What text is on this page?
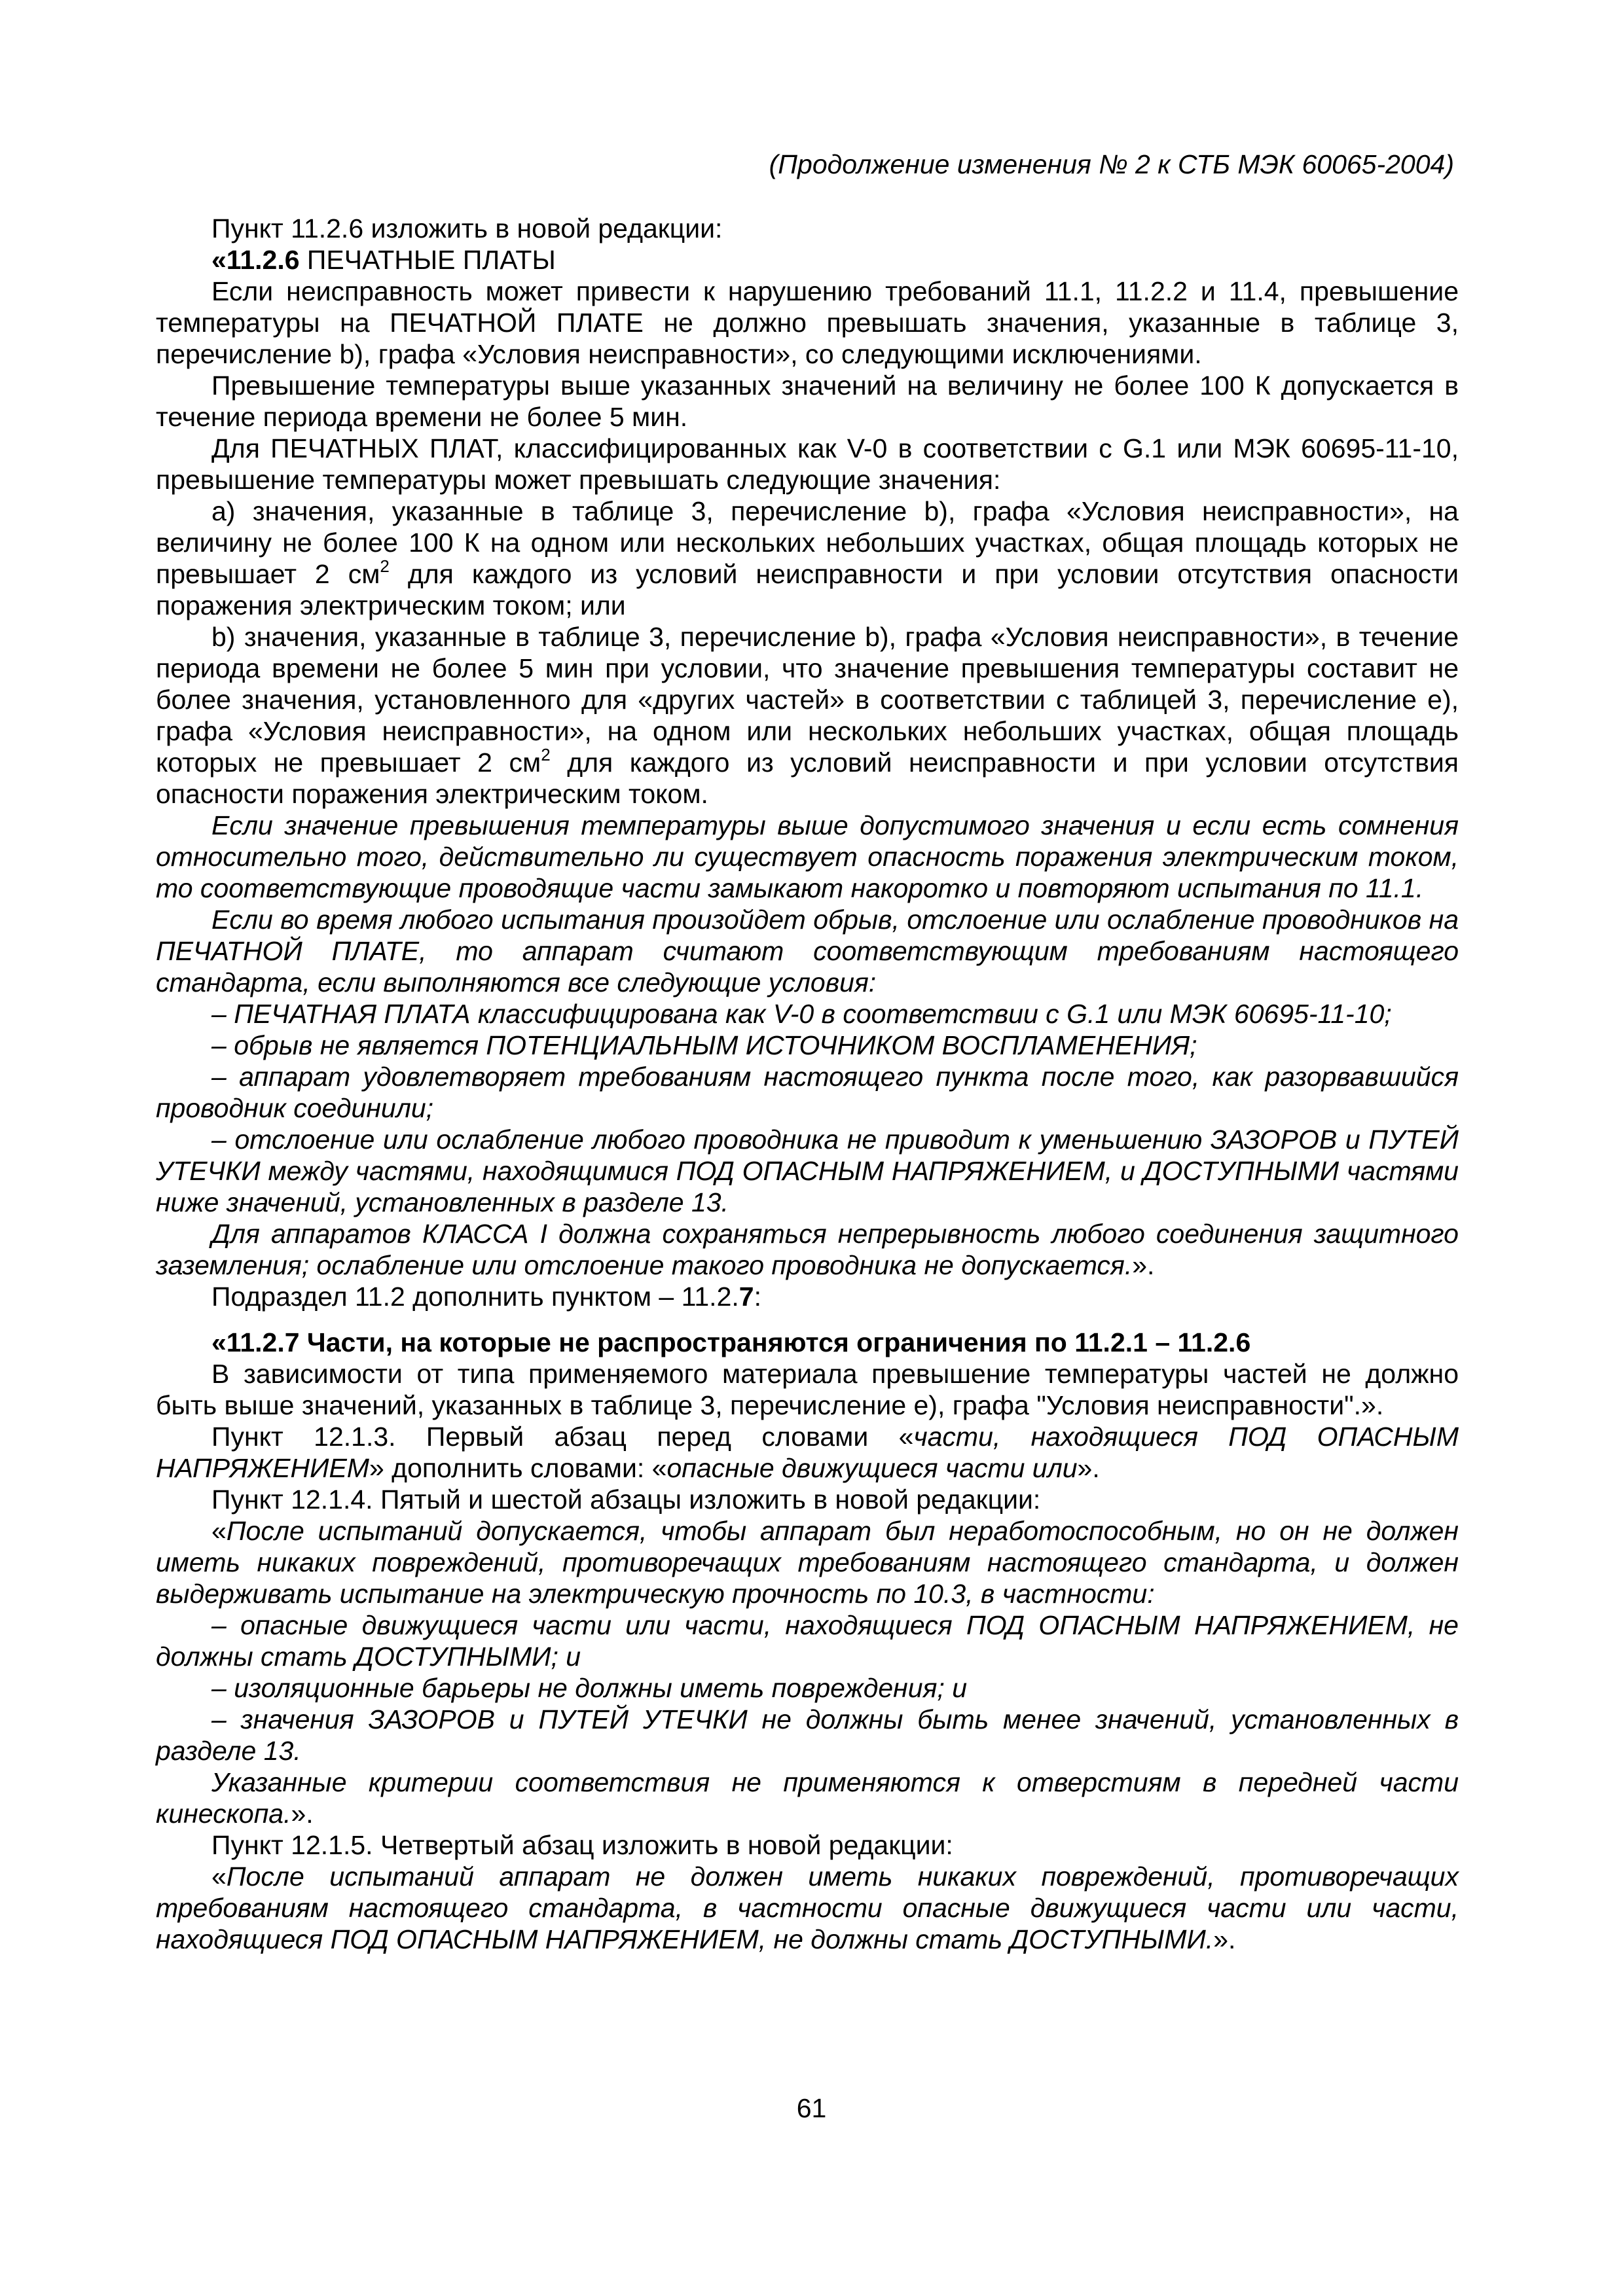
(Продолжение изменения № 2 к СТБ МЭК 60065-2004)

Пункт 11.2.6 изложить в новой редакции:

«11.2.6 ПЕЧАТНЫЕ ПЛАТЫ

Если неисправность может привести к нарушению требований 11.1, 11.2.2 и 11.4, превышение температуры на ПЕЧАТНОЙ ПЛАТЕ не должно превышать значения, указанные в таблице 3, перечисление b), графа «Условия неисправности», со следующими исключениями.

Превышение температуры выше указанных значений на величину не более 100 К допускается в течение периода времени не более 5 мин.

Для ПЕЧАТНЫХ ПЛАТ, классифицированных как V-0 в соответствии с G.1 или МЭК 60695-11-10, превышение температуры может превышать следующие значения:

a) значения, указанные в таблице 3, перечисление b), графа «Условия неисправности», на величину не более 100 К на одном или нескольких небольших участках, общая площадь которых не превышает 2 $см^2$ для каждого из условий неисправности и при условии отсутствия опасности поражения электрическим током; или

b) значения, указанные в таблице 3, перечисление b), графа «Условия неисправности», в течение периода времени не более 5 мин при условии, что значение превышения температуры составит не более значения, установленного для «других частей» в соответствии с таблицей 3, перечисление e), графа «Условия неисправности», на одном или нескольких небольших участках, общая площадь которых не превышает 2 $см^2$ для каждого из условий неисправности и при условии отсутствия опасности поражения электрическим током.

Если значение превышения температуры выше допустимого значения и если есть сомнения относительно того, действительно ли существует опасность поражения электрическим током, то соответствующие проводящие части замыкают накоротко и повторяют испытания по 11.1.

Если во время любого испытания произойдет обрыв, отслоение или ослабление проводников на ПЕЧАТНОЙ ПЛАТЕ, то аппарат считают соответствующим требованиям настоящего стандарта, если выполняются все следующие условия:

– ПЕЧАТНАЯ ПЛАТА классифицирована как V-0 в соответствии с G.1 или МЭК 60695-11-10;

– обрыв не является ПОТЕНЦИАЛЬНЫМ ИСТОЧНИКОМ ВОСПЛАМЕНЕНИЯ;

– аппарат удовлетворяет требованиям настоящего пункта после того, как разорвавшийся проводник соединили;

– отслоение или ослабление любого проводника не приводит к уменьшению ЗАЗОРОВ и ПУТЕЙ УТЕЧКИ между частями, находящимися ПОД ОПАСНЫМ НАПРЯЖЕНИЕМ, и ДОСТУПНЫМИ частями ниже значений, установленных в разделе 13.

Для аппаратов КЛАССА I должна сохраняться непрерывность любого соединения защитного заземления; ослабление или отслоение такого проводника не допускается.».

Подраздел 11.2 дополнить пунктом – 11.2.7:

«11.2.7 Части, на которые не распространяются ограничения по 11.2.1 – 11.2.6

В зависимости от типа применяемого материала превышение температуры частей не должно быть выше значений, указанных в таблице 3, перечисление e), графа "Условия неисправности".».

Пункт 12.1.3. Первый абзац перед словами «части, находящиеся ПОД ОПАСНЫМ НАПРЯЖЕНИЕМ» дополнить словами: «опасные движущиеся части или».

Пункт 12.1.4. Пятый и шестой абзацы изложить в новой редакции:

«После испытаний допускается, чтобы аппарат был неработоспособным, но он не должен иметь никаких повреждений, противоречащих требованиям настоящего стандарта, и должен выдерживать испытание на электрическую прочность по 10.3, в частности:

– опасные движущиеся части или части, находящиеся ПОД ОПАСНЫМ НАПРЯЖЕНИЕМ, не должны стать ДОСТУПНЫМИ; и

– изоляционные барьеры не должны иметь повреждения; и

– значения ЗАЗОРОВ и ПУТЕЙ УТЕЧКИ не должны быть менее значений, установленных в разделе 13.

Указанные критерии соответствия не применяются к отверстиям в передней части кинескопа.».

Пункт 12.1.5. Четвертый абзац изложить в новой редакции:

«После испытаний аппарат не должен иметь никаких повреждений, противоречащих требованиям настоящего стандарта, в частности опасные движущиеся части или части, находящиеся ПОД ОПАСНЫМ НАПРЯЖЕНИЕМ, не должны стать ДОСТУПНЫМИ.».

61
